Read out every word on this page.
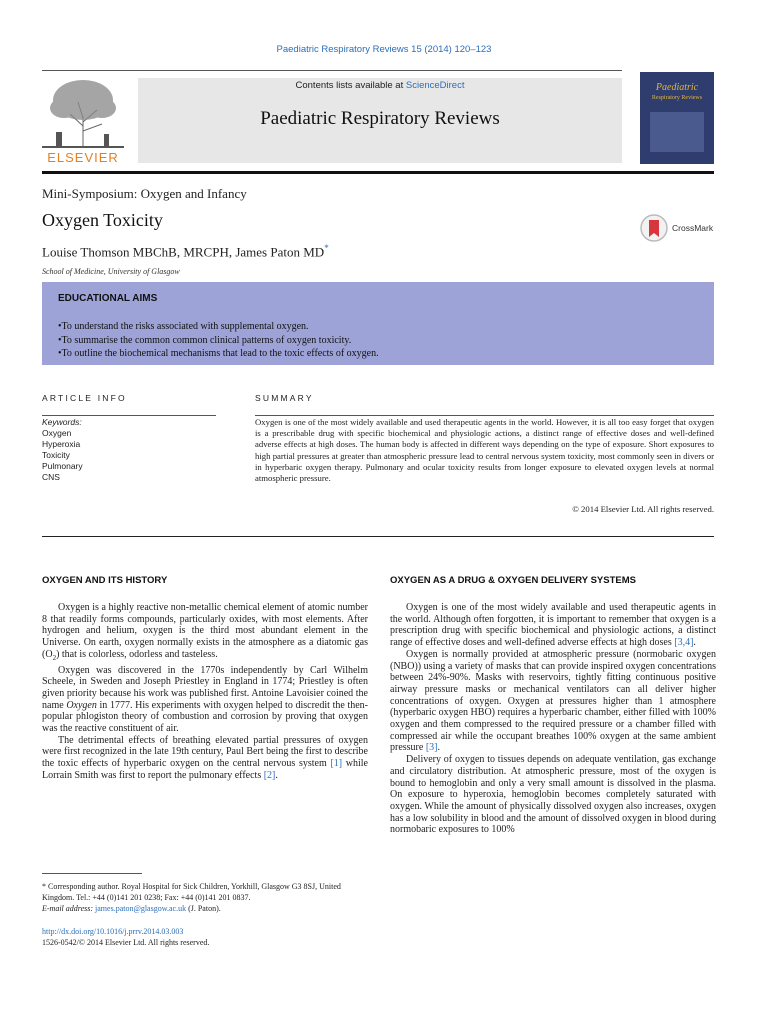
Paediatric Respiratory Reviews 15 (2014) 120–123
ELSEVIER
Contents lists available at ScienceDirect
Paediatric Respiratory Reviews
Paediatric
Respiratory Reviews
Mini-Symposium: Oxygen and Infancy
Oxygen Toxicity
Louise Thomson MBChB, MRCPH, James Paton MD*
School of Medicine, University of Glasgow
CrossMark
EDUCATIONAL AIMS
• To understand the risks associated with supplemental oxygen.
• To summarise the common common clinical patterns of oxygen toxicity.
• To outline the biochemical mechanisms that lead to the toxic effects of oxygen.
ARTICLE INFO	SUMMARY
Keywords:
Oxygen
Hyperoxia
Toxicity
Pulmonary
CNS
Oxygen is one of the most widely available and used therapeutic agents in the world. However, it is all too easy forget that oxygen is a prescribable drug with specific biochemical and physiologic actions, a distinct range of effective doses and well-defined adverse effects at high doses. The human body is affected in different ways depending on the type of exposure. Short exposures to high partial pressures at greater than atmospheric pressure lead to central nervous system toxicity, most commonly seen in divers or in hyperbaric oxygen therapy. Pulmonary and ocular toxicity results from longer exposure to elevated oxygen levels at normal atmospheric pressure.
© 2014 Elsevier Ltd. All rights reserved.
OXYGEN AND ITS HISTORY

Oxygen is a highly reactive non-metallic chemical element of atomic number 8 that readily forms compounds, particularly oxides, with most elements. After hydrogen and helium, oxygen is the third most abundant element in the Universe. On earth, oxygen normally exists in the atmosphere as a diatomic gas $(O_2)$ that is colorless, odorless and tasteless.

Oxygen was discovered in the 1770s independently by Carl Wilhelm Scheele, in Sweden and Joseph Priestley in England in 1774; Priestley is often given priority because his work was published first. Antoine Lavoisier coined the name Oxygen in 1777. His experiments with oxygen helped to discredit the then-popular phlogiston theory of combustion and corrosion by proving that oxygen was the reactive constituent of air.

The detrimental effects of breathing elevated partial pressures of oxygen were first recognized in the late 19th century, Paul Bert being the first to describe the toxic effects of hyperbaric oxygen on the central nervous system [1] while Lorrain Smith was first to report the pulmonary effects [2].

* Corresponding author. Royal Hospital for Sick Children, Yorkhill, Glasgow G3 8SJ, United Kingdom. Tel.: +44 (0)141 201 0238; Fax: +44 (0)141 201 0837.
E-mail address: james.paton@glasgow.ac.uk (J. Paton).
http://dx.doi.org/10.1016/j.prrv.2014.03.003
1526-0542/© 2014 Elsevier Ltd. All rights reserved.
OXYGEN AS A DRUG & OXYGEN DELIVERY SYSTEMS

Oxygen is one of the most widely available and used therapeutic agents in the world. Although often forgotten, it is important to remember that oxygen is a prescription drug with specific biochemical and physiologic actions, a distinct range of effective doses and well-defined adverse effects at high doses [3,4].

Oxygen is normally provided at atmospheric pressure (normobaric oxygen (NBO)) using a variety of masks that can provide inspired oxygen concentrations between 24%-90%. Masks with reservoirs, tightly fitting continuous positive airway pressure masks or mechanical ventilators can all deliver higher concentrations of oxygen. Oxygen at pressures higher than 1 atmosphere (hyperbaric oxygen HBO) requires a hyperbaric chamber, either filled with 100% oxygen and them compressed to the required pressure or a chamber filled with compressed air while the occupant breathes 100% oxygen at the same ambient pressure [3].

Delivery of oxygen to tissues depends on adequate ventilation, gas exchange and circulatory distribution. At atmospheric pressure, most of the oxygen is bound to hemoglobin and only a very small amount is dissolved in the plasma. On exposure to hyperoxia, hemoglobin becomes completely saturated with oxygen. While the amount of physically dissolved oxygen also increases, oxygen has a low solubility in blood and the amount of dissolved oxygen in blood during normobaric exposures to 100%
